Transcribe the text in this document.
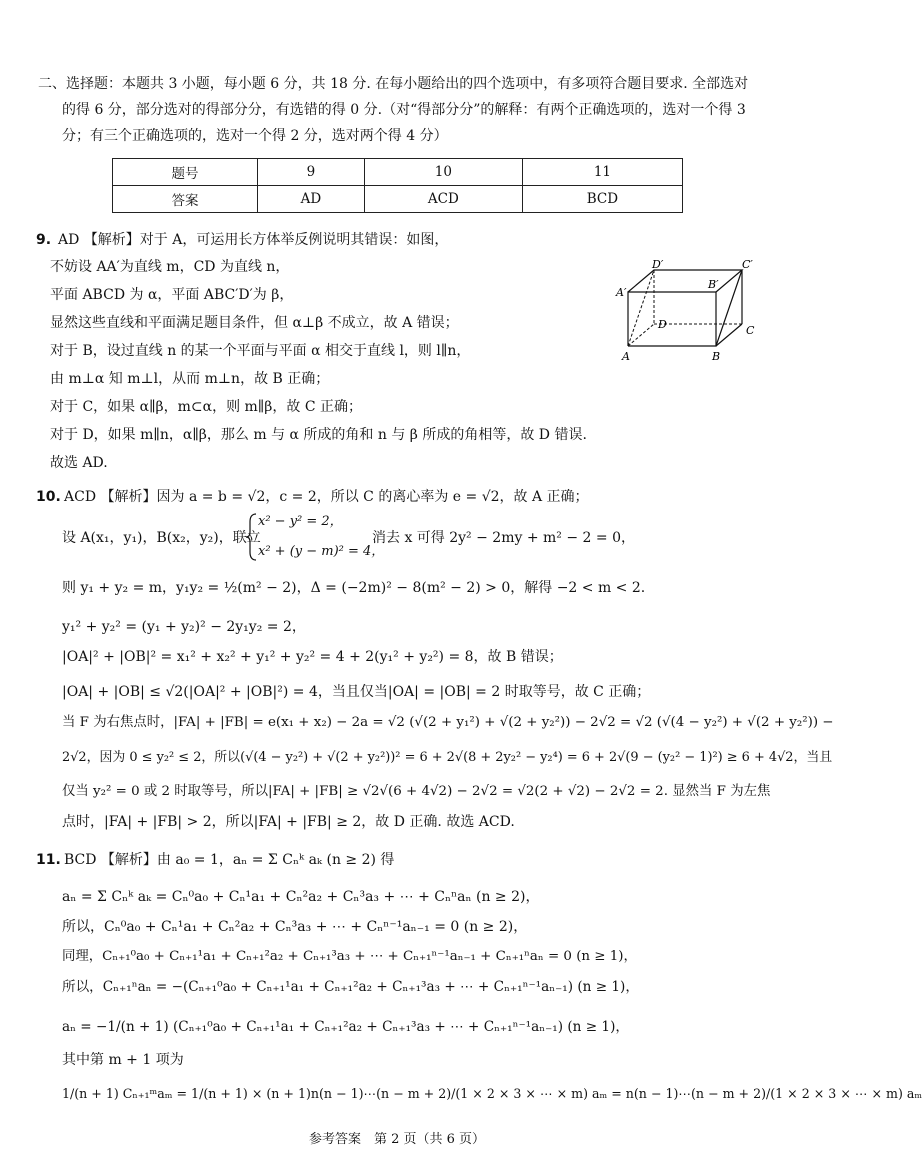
二、选择题：本题共 3 小题，每小题 6 分，共 18 分. 在每小题给出的四个选项中，有多项符合题目要求. 全部选对
的得 6 分，部分选对的得部分分，有选错的得 0 分.（对“得部分分”的解释：有两个正确选项的，选对一个得 3
分；有三个正确选项的，选对一个得 2 分，选对两个得 4 分）
题号	9	10	11
答案	AD	ACD	BCD
9. AD 【解析】对于 A，可运用长方体举反例说明其错误：如图，
不妨设 AA′为直线 m，CD 为直线 n，
平面 ABCD 为 α，平面 ABC′D′为 β，
显然这些直线和平面满足题目条件，但 α⊥β 不成立，故 A 错误；
对于 B，设过直线 n 的某一个平面与平面 α 相交于直线 l，则 l∥n，
由 m⊥α 知 m⊥l，从而 m⊥n，故 B 正确；
对于 C，如果 α∥β，m⊂α，则 m∥β，故 C 正确；
对于 D，如果 m∥n，α∥β，那么 m 与 α 所成的角和 n 与 β 所成的角相等，故 D 错误.
故选 AD.
D′	C′
A′
B′
D	C
A	B
10. ACD 【解析】因为 a = b = √2，c = 2，所以 C 的离心率为 e = √2，故 A 正确；
设 A(x₁，y₁)，B(x₂，y₂)，联立
x² − y² = 2，
x² + (y − m)² = 4，
消去 x 可得 2y² − 2my + m² − 2 = 0，
则 y₁ + y₂ = m，y₁y₂ = ½(m² − 2)，Δ = (−2m)² − 8(m² − 2) > 0，解得 −2 < m < 2.
y₁² + y₂² = (y₁ + y₂)² − 2y₁y₂ = 2，
|OA|² + |OB|² = x₁² + x₂² + y₁² + y₂² = 4 + 2(y₁² + y₂²) = 8，故 B 错误；
|OA| + |OB| ≤ √2(|OA|² + |OB|²) = 4，当且仅当|OA| = |OB| = 2 时取等号，故 C 正确；
当 F 为右焦点时，|FA| + |FB| = e(x₁ + x₂) − 2a = √2 (√(2 + y₁²) + √(2 + y₂²)) − 2√2 = √2 (√(4 − y₂²) + √(2 + y₂²)) −
2√2，因为 0 ≤ y₂² ≤ 2，所以(√(4 − y₂²) + √(2 + y₂²))² = 6 + 2√(8 + 2y₂² − y₂⁴) = 6 + 2√(9 − (y₂² − 1)²) ≥ 6 + 4√2，当且
仅当 y₂² = 0 或 2 时取等号，所以|FA| + |FB| ≥ √2√(6 + 4√2) − 2√2 = √2(2 + √2) − 2√2 = 2. 显然当 F 为左焦
点时，|FA| + |FB| > 2，所以|FA| + |FB| ≥ 2，故 D 正确. 故选 ACD.
11. BCD 【解析】由 a₀ = 1，aₙ = Σ Cₙᵏ aₖ (n ≥ 2) 得
aₙ = Σ Cₙᵏ aₖ = Cₙ⁰a₀ + Cₙ¹a₁ + Cₙ²a₂ + Cₙ³a₃ + ⋯ + Cₙⁿaₙ (n ≥ 2)，
所以，Cₙ⁰a₀ + Cₙ¹a₁ + Cₙ²a₂ + Cₙ³a₃ + ⋯ + Cₙⁿ⁻¹aₙ₋₁ = 0 (n ≥ 2)，
同理，Cₙ₊₁⁰a₀ + Cₙ₊₁¹a₁ + Cₙ₊₁²a₂ + Cₙ₊₁³a₃ + ⋯ + Cₙ₊₁ⁿ⁻¹aₙ₋₁ + Cₙ₊₁ⁿaₙ = 0 (n ≥ 1)，
所以，Cₙ₊₁ⁿaₙ = −(Cₙ₊₁⁰a₀ + Cₙ₊₁¹a₁ + Cₙ₊₁²a₂ + Cₙ₊₁³a₃ + ⋯ + Cₙ₊₁ⁿ⁻¹aₙ₋₁) (n ≥ 1)，
aₙ = −1/(n + 1) (Cₙ₊₁⁰a₀ + Cₙ₊₁¹a₁ + Cₙ₊₁²a₂ + Cₙ₊₁³a₃ + ⋯ + Cₙ₊₁ⁿ⁻¹aₙ₋₁) (n ≥ 1)，
其中第 m + 1 项为
1/(n + 1) Cₙ₊₁ᵐaₘ = 1/(n + 1) × (n + 1)n(n − 1)⋯(n − m + 2)/(1 × 2 × 3 × ⋯ × m) aₘ = n(n − 1)⋯(n − m + 2)/(1 × 2 × 3 × ⋯ × m) aₘ
参考答案　第 2 页（共 6 页）
